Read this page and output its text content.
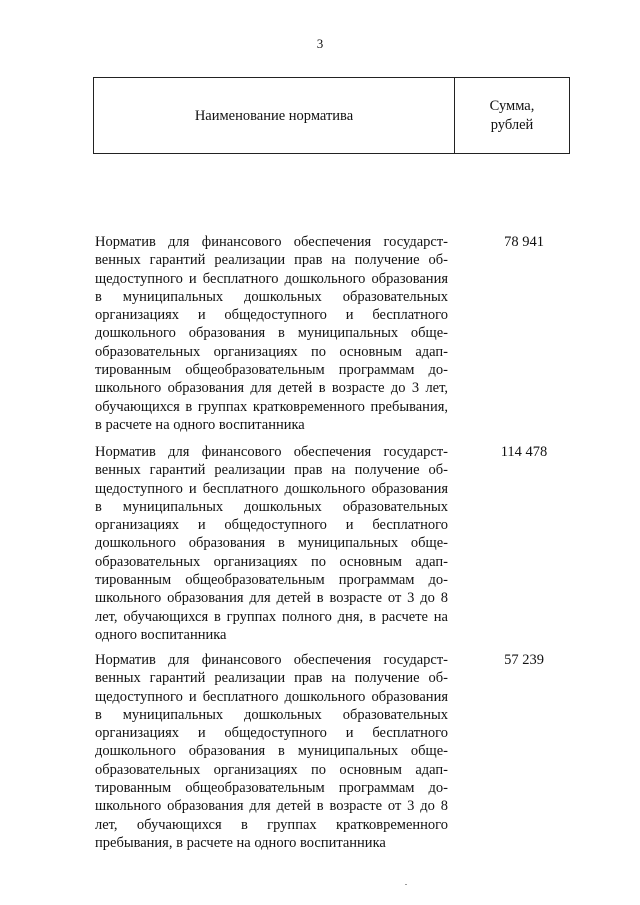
3
Наименование норматива
Сумма,
рублей
Норматив для финансового обеспечения государст-венных гарантий реализации прав на получение об-щедоступного и бесплатного дошкольного образования в муниципальных дошкольных образовательных организациях и общедоступного и бесплатного дошкольного образования в муниципальных обще-образовательных организациях по основным адап-тированным общеобразовательным программам до-школьного образования для детей в возрасте до 3 лет, обучающихся в группах кратковременного пребывания, в расчете на одного воспитанника
78 941
Норматив для финансового обеспечения государст-венных гарантий реализации прав на получение об-щедоступного и бесплатного дошкольного образования в муниципальных дошкольных образовательных организациях и общедоступного и бесплатного дошкольного образования в муниципальных обще-образовательных организациях по основным адап-тированным общеобразовательным программам до-школьного образования для детей в возрасте от 3 до 8 лет, обучающихся в группах полного дня, в расчете на одного воспитанника
114 478
Норматив для финансового обеспечения государст-венных гарантий реализации прав на получение об-щедоступного и бесплатного дошкольного образования в муниципальных дошкольных образовательных организациях и общедоступного и бесплатного дошкольного образования в муниципальных обще-образовательных организациях по основным адап-тированным общеобразовательным программам до-школьного образования для детей в возрасте от 3 до 8 лет, обучающихся в группах кратковременного пребывания, в расчете на одного воспитанника
57 239
